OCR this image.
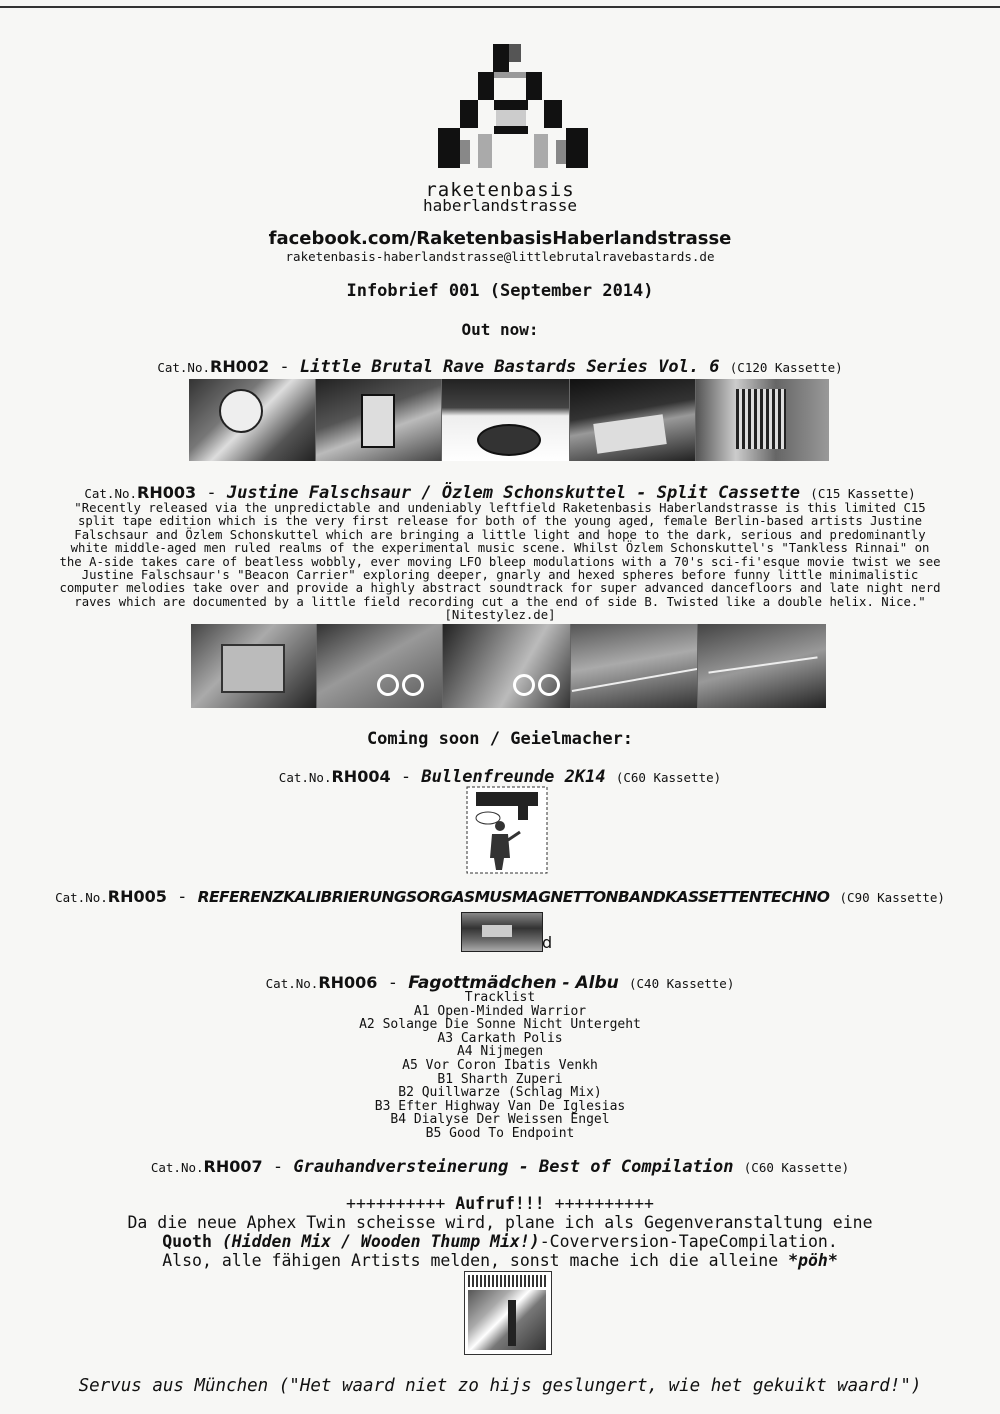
raketenbasis
haberlandstrasse
facebook.com/RaketenbasisHaberlandstrasse
raketenbasis-haberlandstrasse@littlebrutalravebastards.de
Infobrief 001 (September 2014)
Out now:
Cat.No.RH002 - Little Brutal Rave Bastards Series Vol. 6 (C120 Kassette)
Cat.No.RH003 - Justine Falschsaur / Özlem Schonskuttel - Split Cassette (C15 Kassette)
"Recently released via the unpredictable and undeniably leftfield Raketenbasis Haberlandstrasse is this limited C15
split tape edition which is the very first release for both of the young aged, female Berlin-based artists Justine
Falschsaur and Özlem Schonskuttel which are bringing a little light and hope to the dark, serious and predominantly
white middle-aged men ruled realms of the experimental music scene. Whilst Özlem Schonskuttel's "Tankless Rinnai" on
the A-side takes care of beatless wobbly, ever moving LFO bleep modulations with a 70's sci-fi'esque movie twist we see
Justine Falschsaur's "Beacon Carrier" exploring deeper, gnarly and hexed spheres before funny little minimalistic
computer melodies take over and provide a highly abstract soundtrack for super advanced dancefloors and late night nerd
raves which are documented by a little field recording cut a the end of side B. Twisted like a double helix. Nice."
[Nitestylez.de]
Coming soon / Geielmacher:
Cat.No.RH004 - Bullenfreunde 2K14 (C60 Kassette)
Cat.No.RH005 - REFERENZKALIBRIERUNGSORGASMUSMAGNETTONBANDKASSETTENTECHNO (C90 Kassette)
d
Cat.No.RH006 - Fagottmädchen - Albu (C40 Kassette)
Tracklist
A1 Open-Minded Warrior
A2 Solange Die Sonne Nicht Untergeht
A3 Carkath Polis
A4 Nijmegen
A5 Vor Coron Ibatis Venkh
B1 Sharth Zuperi
B2 Quillwarze (Schlag Mix)
B3 Efter Highway Van De Iglesias
B4 Dialyse Der Weissen Engel
B5 Good To Endpoint
Cat.No.RH007 - Grauhandversteinerung - Best of Compilation (C60 Kassette)
++++++++++ Aufruf!!! ++++++++++
Da die neue Aphex Twin scheisse wird, plane ich als Gegenveranstaltung eine
Quoth (Hidden Mix / Wooden Thump Mix!)-Coverversion-TapeCompilation.
Also, alle fähigen Artists melden, sonst mache ich die alleine *pöh*
Servus aus München ("Het waard niet zo hijs geslungert, wie het gekuikt waard!")
